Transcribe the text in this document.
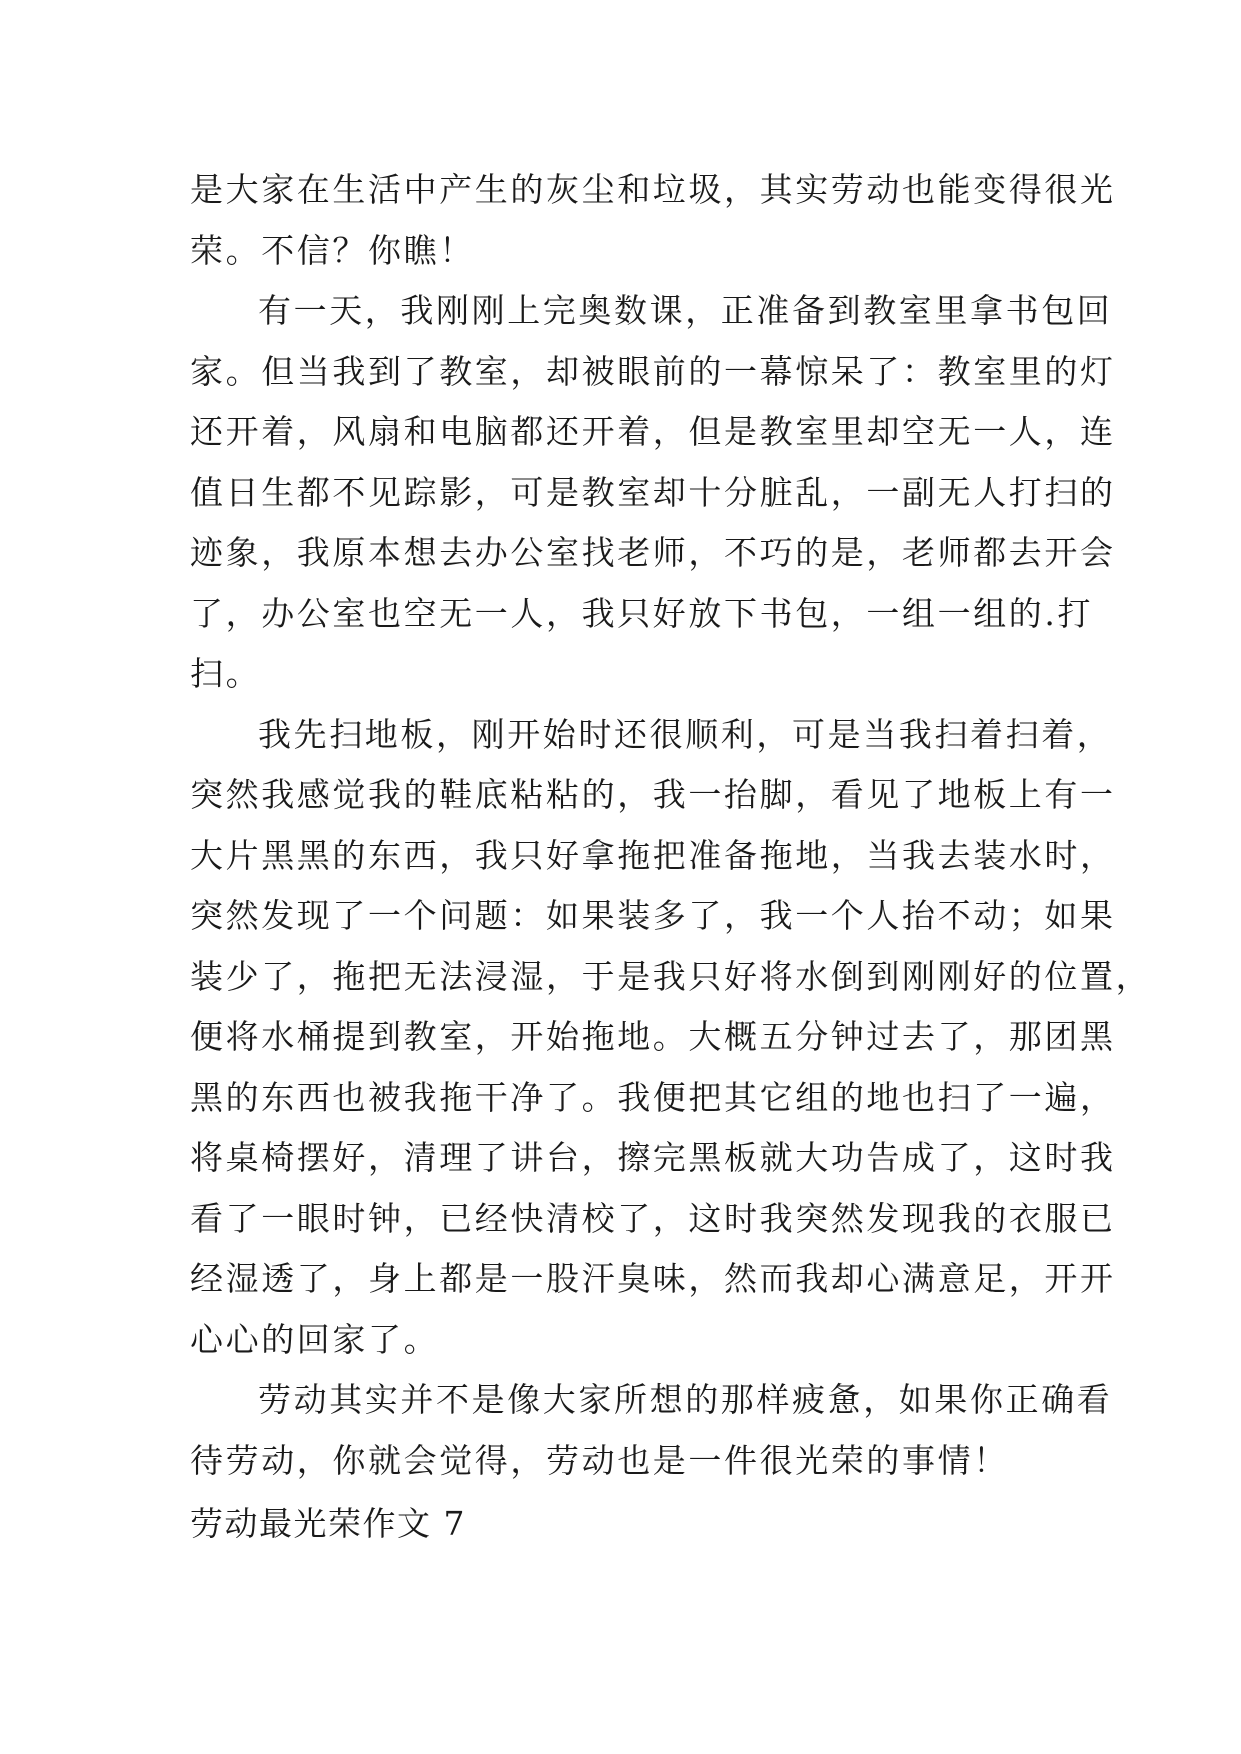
是大家在生活中产生的灰尘和垃圾，其实劳动也能变得很光
荣。不信？你瞧！
有一天，我刚刚上完奥数课，正准备到教室里拿书包回
家。但当我到了教室，却被眼前的一幕惊呆了：教室里的灯
还开着，风扇和电脑都还开着，但是教室里却空无一人，连
值日生都不见踪影，可是教室却十分脏乱，一副无人打扫的
迹象，我原本想去办公室找老师，不巧的是，老师都去开会
了，办公室也空无一人，我只好放下书包，一组一组的.打
扫。
我先扫地板，刚开始时还很顺利，可是当我扫着扫着，
突然我感觉我的鞋底粘粘的，我一抬脚，看见了地板上有一
大片黑黑的东西，我只好拿拖把准备拖地，当我去装水时，
突然发现了一个问题：如果装多了，我一个人抬不动；如果
装少了，拖把无法浸湿，于是我只好将水倒到刚刚好的位置，
便将水桶提到教室，开始拖地。大概五分钟过去了，那团黑
黑的东西也被我拖干净了。我便把其它组的地也扫了一遍，
将桌椅摆好，清理了讲台，擦完黑板就大功告成了，这时我
看了一眼时钟，已经快清校了，这时我突然发现我的衣服已
经湿透了，身上都是一股汗臭味，然而我却心满意足，开开
心心的回家了。
劳动其实并不是像大家所想的那样疲惫，如果你正确看
待劳动，你就会觉得，劳动也是一件很光荣的事情！
劳动最光荣作文 7
